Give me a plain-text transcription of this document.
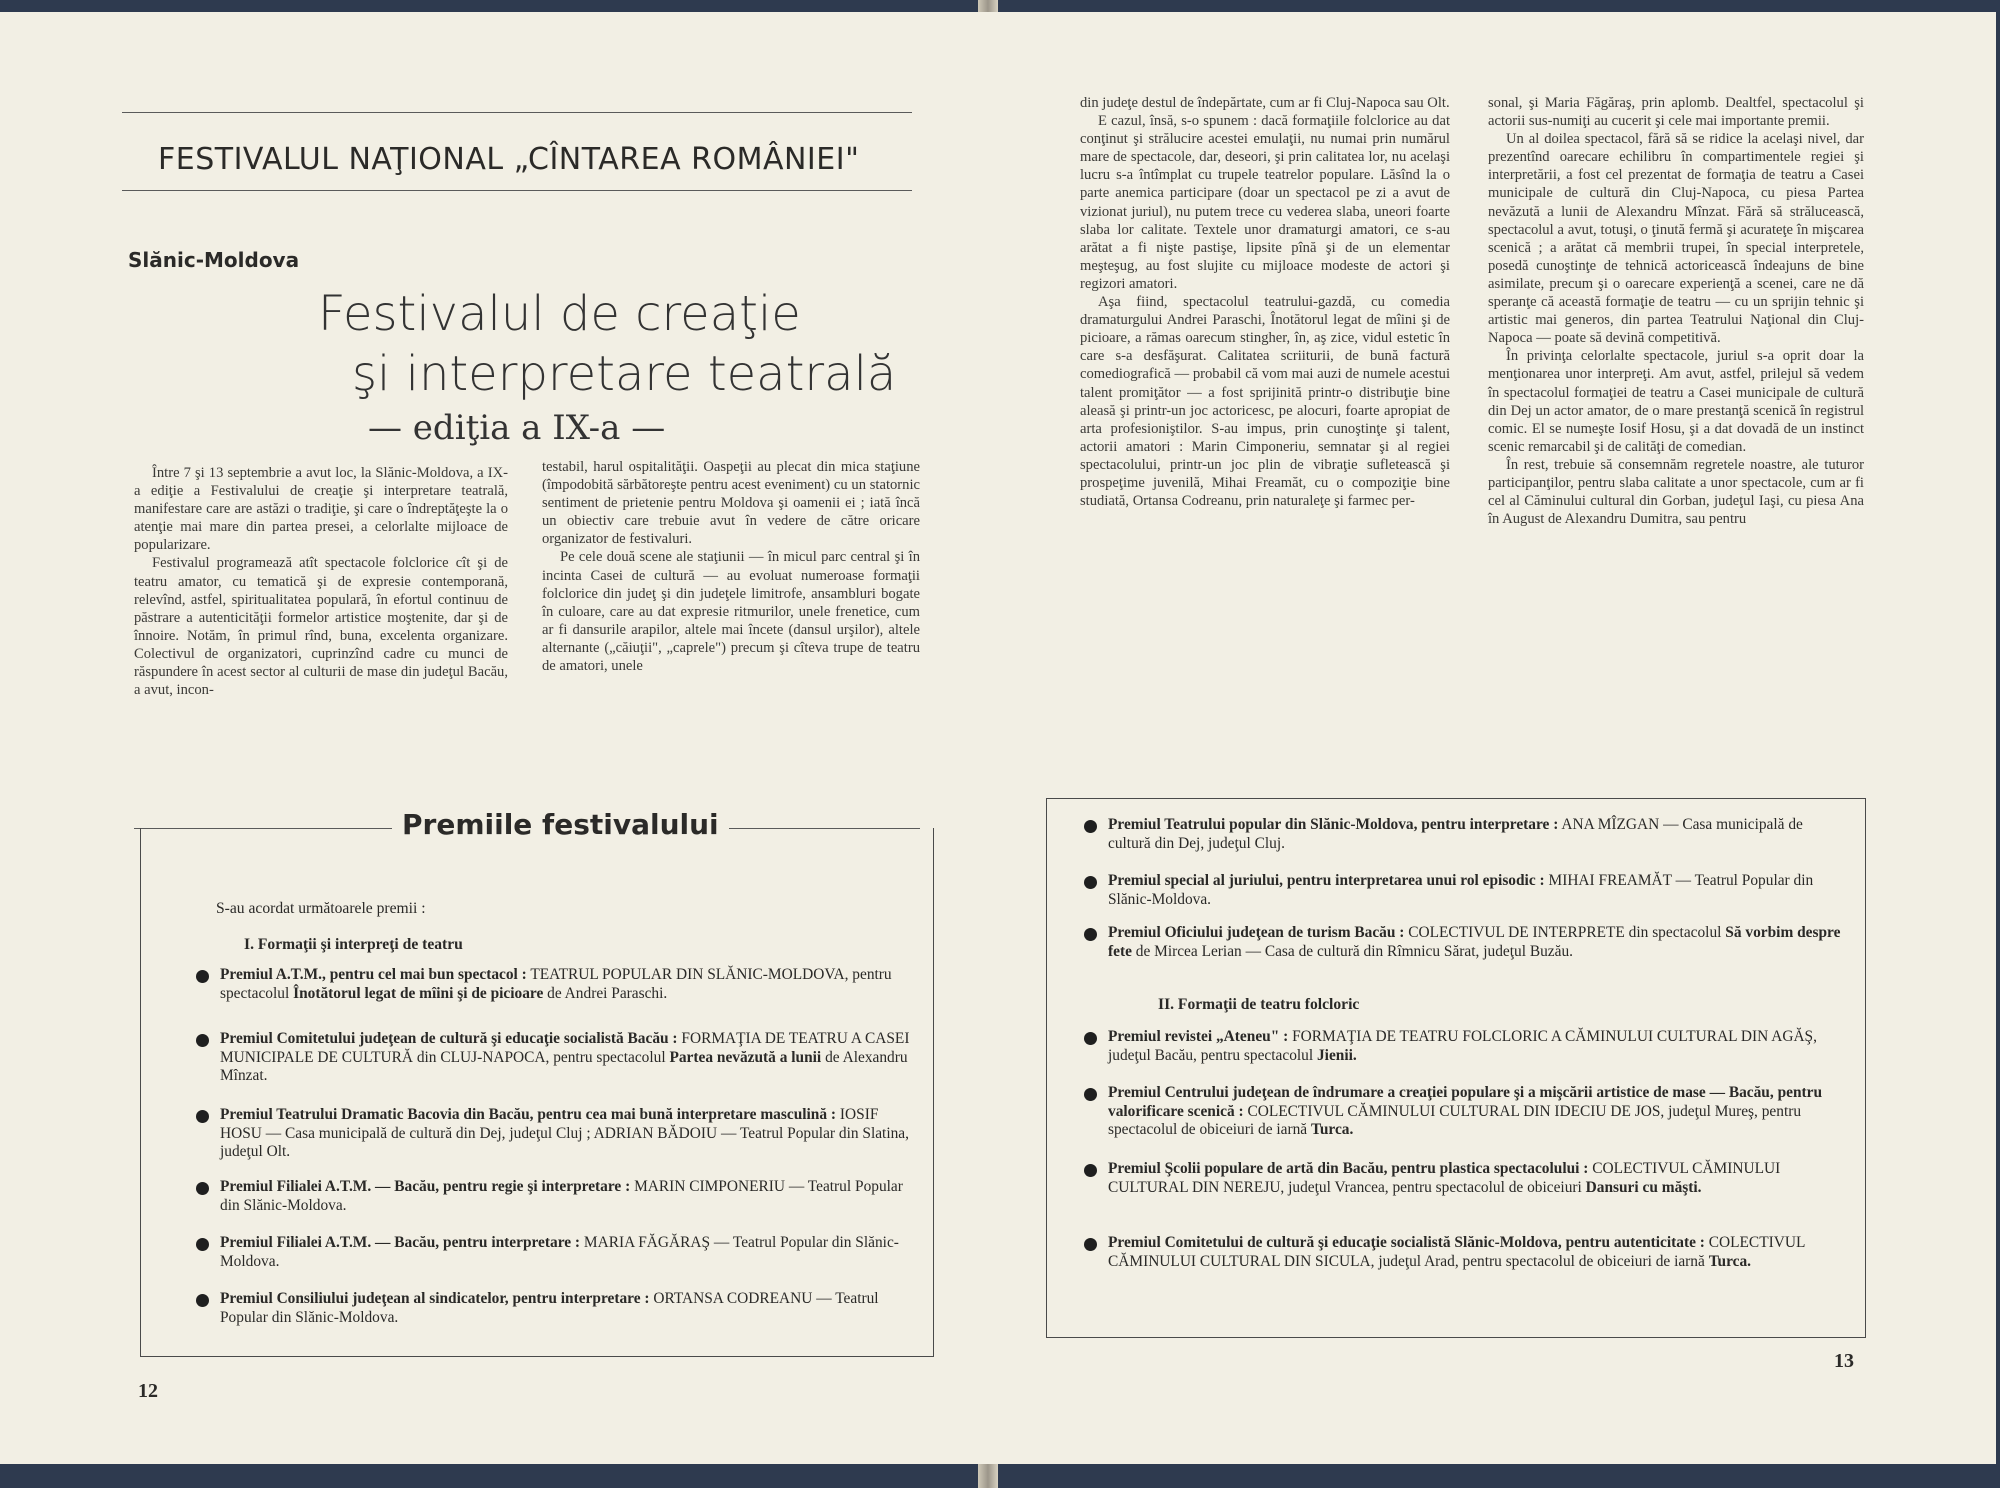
FESTIVALUL NAŢIONAL „CÎNTAREA ROMÂNIEI"
Slănic-Moldova
Festivalul de creaţie
şi interpretare teatrală
— ediţia a IX-a —

Între 7 şi 13 septembrie a avut loc, la Slănic-Moldova, a IX-a ediţie a Festivalului de creaţie şi interpretare teatrală, manifestare care are astăzi o tradiţie, şi care o îndreptăţeşte la o atenţie mai mare din partea presei, a celorlalte mijloace de popularizare.

Festivalul programează atît spectacole folclorice cît şi de teatru amator, cu tematică şi de expresie contemporană, relevînd, astfel, spiritualitatea populară, în efortul continuu de păstrare a autenticităţii formelor artistice moştenite, dar şi de înnoire. Notăm, în primul rînd, buna, excelenta organizare. Colectivul de organizatori, cuprinzînd cadre cu munci de răspundere în acest sector al culturii de mase din judeţul Bacău, a avut, incon-

testabil, harul ospitalităţii. Oaspeţii au plecat din mica staţiune (împodobită sărbătoreşte pentru acest eveniment) cu un statornic sentiment de prietenie pentru Moldova şi oamenii ei ; iată încă un obiectiv care trebuie avut în vedere de către oricare organizator de festivaluri.

Pe cele două scene ale staţiunii — în micul parc central şi în incinta Casei de cultură — au evoluat numeroase formaţii folclorice din judeţ şi din judeţele limitrofe, ansambluri bogate în culoare, care au dat expresie ritmurilor, unele frenetice, cum ar fi dansurile arapilor, altele mai încete (dansul urşilor), altele alternante („căiuţii", „caprele") precum şi cîteva trupe de teatru de amatori, unele

Premiile festivalului
S-au acordat următoarele premii :
I. Formaţii şi interpreţi de teatru
Premiul A.T.M., pentru cel mai bun spectacol : TEATRUL POPULAR DIN SLĂNIC-MOLDOVA, pentru spectacolul Înotătorul legat de mîini şi de picioare de Andrei Paraschi.
Premiul Comitetului judeţean de cultură şi educaţie socialistă Bacău : FORMAŢIA DE TEATRU A CASEI MUNICIPALE DE CULTURĂ din CLUJ-NAPOCA, pentru spectacolul Partea nevăzută a lunii de Alexandru Mînzat.
Premiul Teatrului Dramatic Bacovia din Bacău, pentru cea mai bună interpretare masculină : IOSIF HOSU — Casa municipală de cultură din Dej, judeţul Cluj ; ADRIAN BĂDOIU — Teatrul Popular din Slatina, judeţul Olt.
Premiul Filialei A.T.M. — Bacău, pentru regie şi interpretare : MARIN CIMPONERIU — Teatrul Popular din Slănic-Moldova.
Premiul Filialei A.T.M. — Bacău, pentru interpretare : MARIA FĂGĂRAŞ — Teatrul Popular din Slănic-Moldova.
Premiul Consiliului judeţean al sindicatelor, pentru interpretare : ORTANSA CODREANU — Teatrul Popular din Slănic-Moldova.
12

din judeţe destul de îndepărtate, cum ar fi Cluj-Napoca sau Olt.

E cazul, însă, s-o spunem : dacă formaţiile folclorice au dat conţinut şi strălucire acestei emulaţii, nu numai prin numărul mare de spectacole, dar, deseori, şi prin calitatea lor, nu acelaşi lucru s-a întîmplat cu trupele teatrelor populare. Lăsînd la o parte anemica participare (doar un spectacol pe zi a avut de vizionat juriul), nu putem trece cu vederea slaba, uneori foarte slaba lor calitate. Textele unor dramaturgi amatori, ce s-au arătat a fi nişte pastişe, lipsite pînă şi de un elementar meşteşug, au fost slujite cu mijloace modeste de actori şi regizori amatori.

Aşa fiind, spectacolul teatrului-gazdă, cu comedia dramaturgului Andrei Paraschi, Înotătorul legat de mîini şi de picioare, a rămas oarecum stingher, în, aş zice, vidul estetic în care s-a desfăşurat. Calitatea scriiturii, de bună factură comediografică — probabil că vom mai auzi de numele acestui talent promiţător — a fost sprijinită printr-o distribuţie bine aleasă şi printr-un joc actoricesc, pe alocuri, foarte apropiat de arta profesioniştilor. S-au impus, prin cunoştinţe şi talent, actorii amatori : Marin Cimponeriu, semnatar şi al regiei spectacolului, printr-un joc plin de vibraţie sufletească şi prospeţime juvenilă, Mihai Freamăt, cu o compoziţie bine studiată, Ortansa Codreanu, prin naturaleţe şi farmec per-

sonal, şi Maria Făgăraş, prin aplomb. Dealtfel, spectacolul şi actorii sus-numiţi au cucerit şi cele mai importante premii.

Un al doilea spectacol, fără să se ridice la acelaşi nivel, dar prezentînd oarecare echilibru în compartimentele regiei şi interpretării, a fost cel prezentat de formaţia de teatru a Casei municipale de cultură din Cluj-Napoca, cu piesa Partea nevăzută a lunii de Alexandru Mînzat. Fără să strălucească, spectacolul a avut, totuşi, o ţinută fermă şi acurateţe în mişcarea scenică ; a arătat că membrii trupei, în special interpretele, posedă cunoştinţe de tehnică actoricească îndeajuns de bine asimilate, precum şi o oarecare experienţă a scenei, care ne dă speranţe că această formaţie de teatru — cu un sprijin tehnic şi artistic mai generos, din partea Teatrului Naţional din Cluj-Napoca — poate să devină competitivă.

În privinţa celorlalte spectacole, juriul s-a oprit doar la menţionarea unor interpreţi. Am avut, astfel, prilejul să vedem în spectacolul formaţiei de teatru a Casei municipale de cultură din Dej un actor amator, de o mare prestanţă scenică în registrul comic. El se numeşte Iosif Hosu, şi a dat dovadă de un instinct scenic remarcabil şi de calităţi de comedian.

În rest, trebuie să consemnăm regretele noastre, ale tuturor participanţilor, pentru slaba calitate a unor spectacole, cum ar fi cel al Căminului cultural din Gorban, judeţul Iaşi, cu piesa Ana în August de Alexandru Dumitra, sau pentru

Premiul Teatrului popular din Slănic-Moldova, pentru interpretare : ANA MÎZGAN — Casa municipală de cultură din Dej, judeţul Cluj.
Premiul special al juriului, pentru interpretarea unui rol episodic : MIHAI FREAMĂT — Teatrul Popular din Slănic-Moldova.
Premiul Oficiului judeţean de turism Bacău : COLECTIVUL DE INTERPRETE din spectacolul Să vorbim despre fete de Mircea Lerian — Casa de cultură din Rîmnicu Sărat, judeţul Buzău.
II. Formaţii de teatru folcloric
Premiul revistei „Ateneu" : FORMAŢIA DE TEATRU FOLCLORIC A CĂMINULUI CULTURAL DIN AGĂŞ, judeţul Bacău, pentru spectacolul Jienii.
Premiul Centrului judeţean de îndrumare a creaţiei populare şi a mişcării artistice de mase — Bacău, pentru valorificare scenică : COLECTIVUL CĂMINULUI CULTURAL DIN IDECIU DE JOS, judeţul Mureş, pentru spectacolul de obiceiuri de iarnă Turca.
Premiul Şcolii populare de artă din Bacău, pentru plastica spectacolului : COLECTIVUL CĂMINULUI CULTURAL DIN NEREJU, judeţul Vrancea, pentru spectacolul de obiceiuri Dansuri cu măşti.
Premiul Comitetului de cultură şi educaţie socialistă Slănic-Moldova, pentru autenticitate : COLECTIVUL CĂMINULUI CULTURAL DIN SICULA, judeţul Arad, pentru spectacolul de obiceiuri de iarnă Turca.
13
